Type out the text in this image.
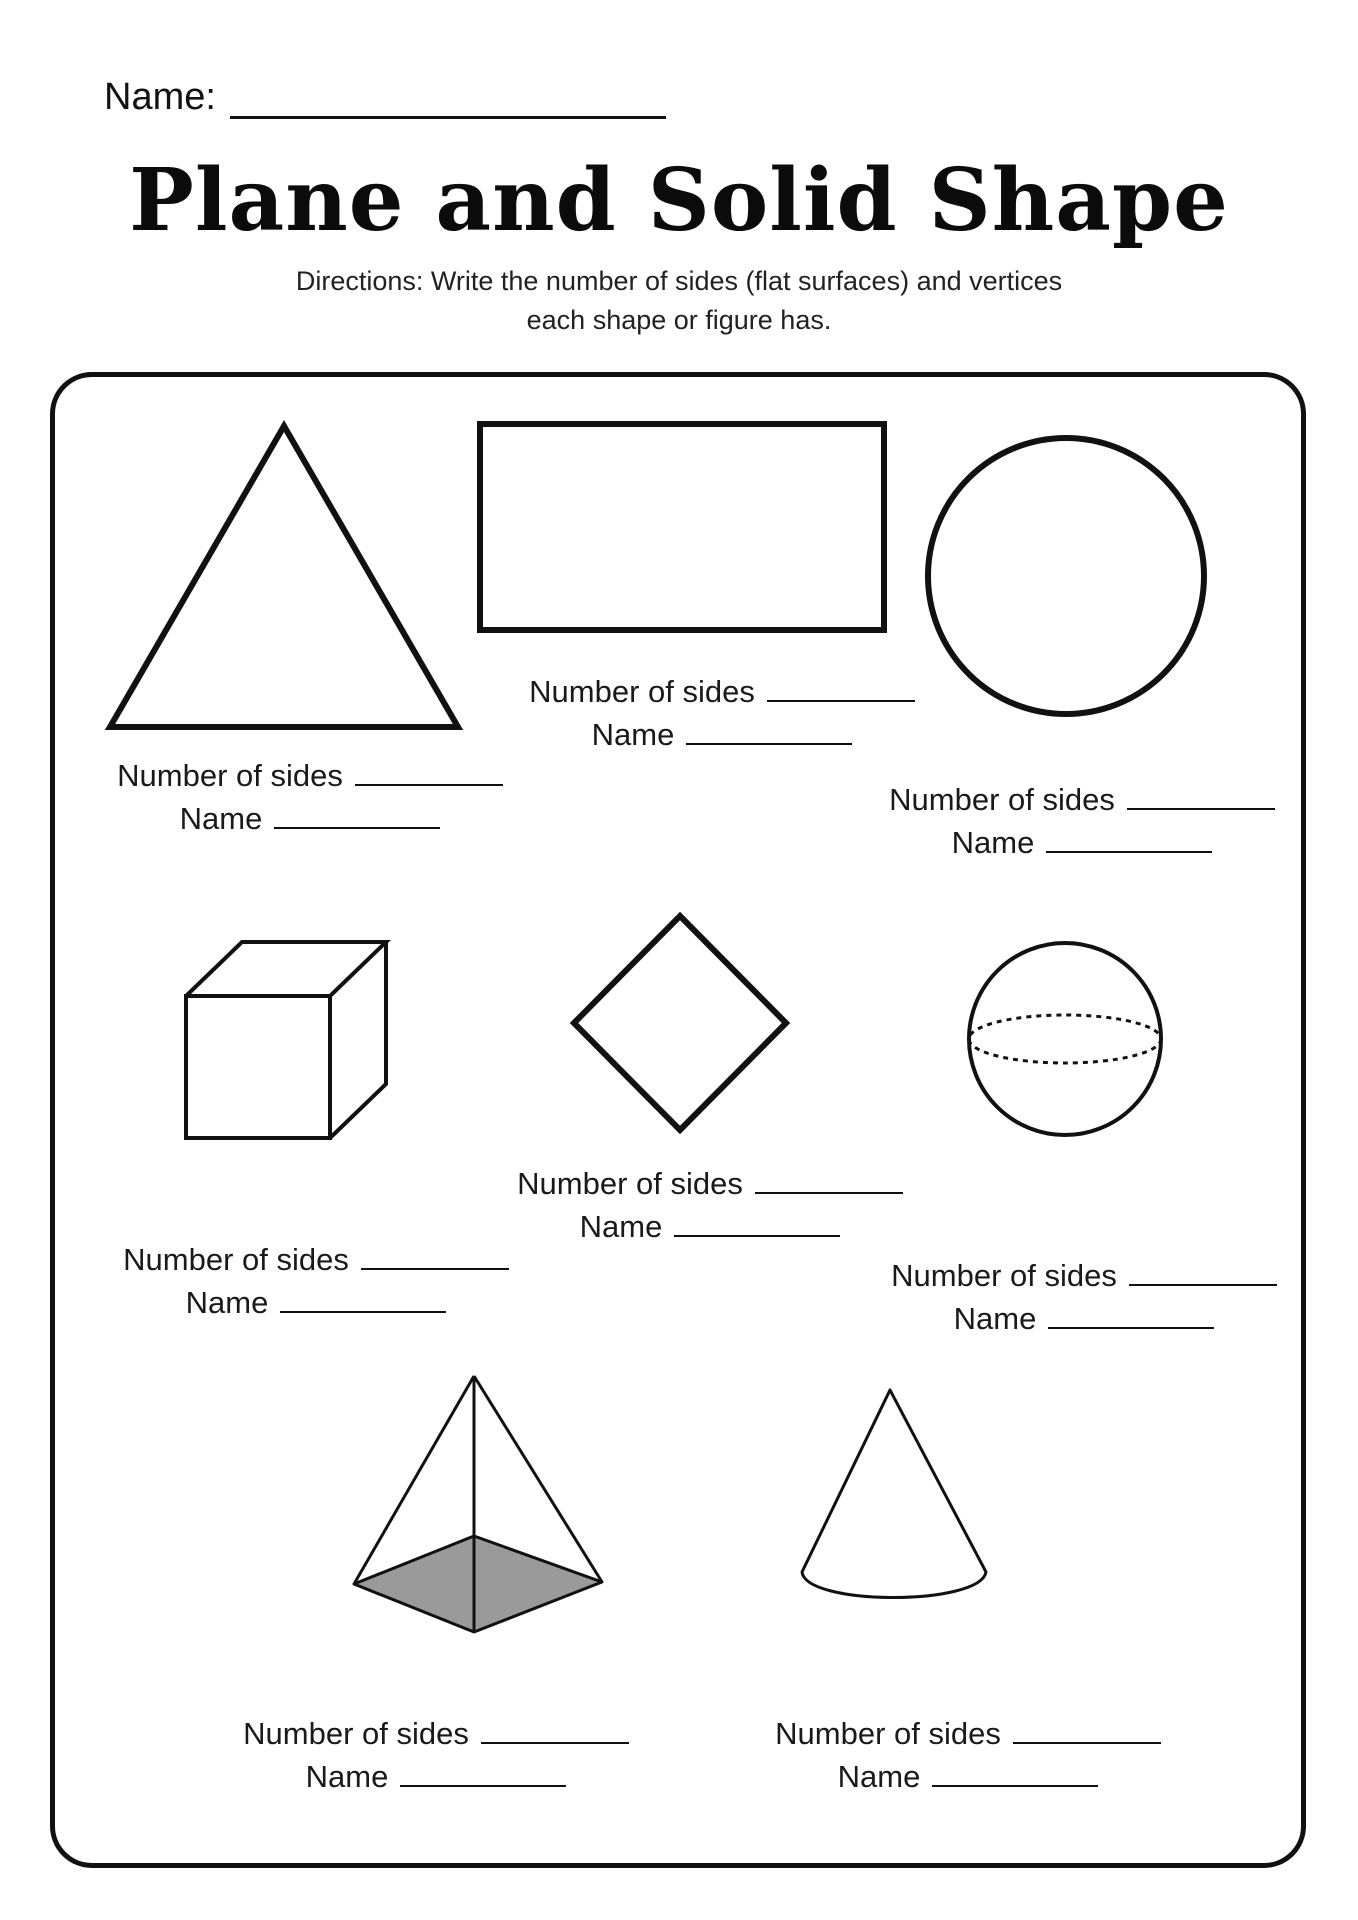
Name:
Plane and Solid Shape
Directions: Write the number of sides (flat surfaces) and vertices
each shape or figure has.
Number of sides
Name
Number of sides
Name
Number of sides
Name
Number of sides
Name
Number of sides
Name
Number of sides
Name
Number of sides
Name
Number of sides
Name
